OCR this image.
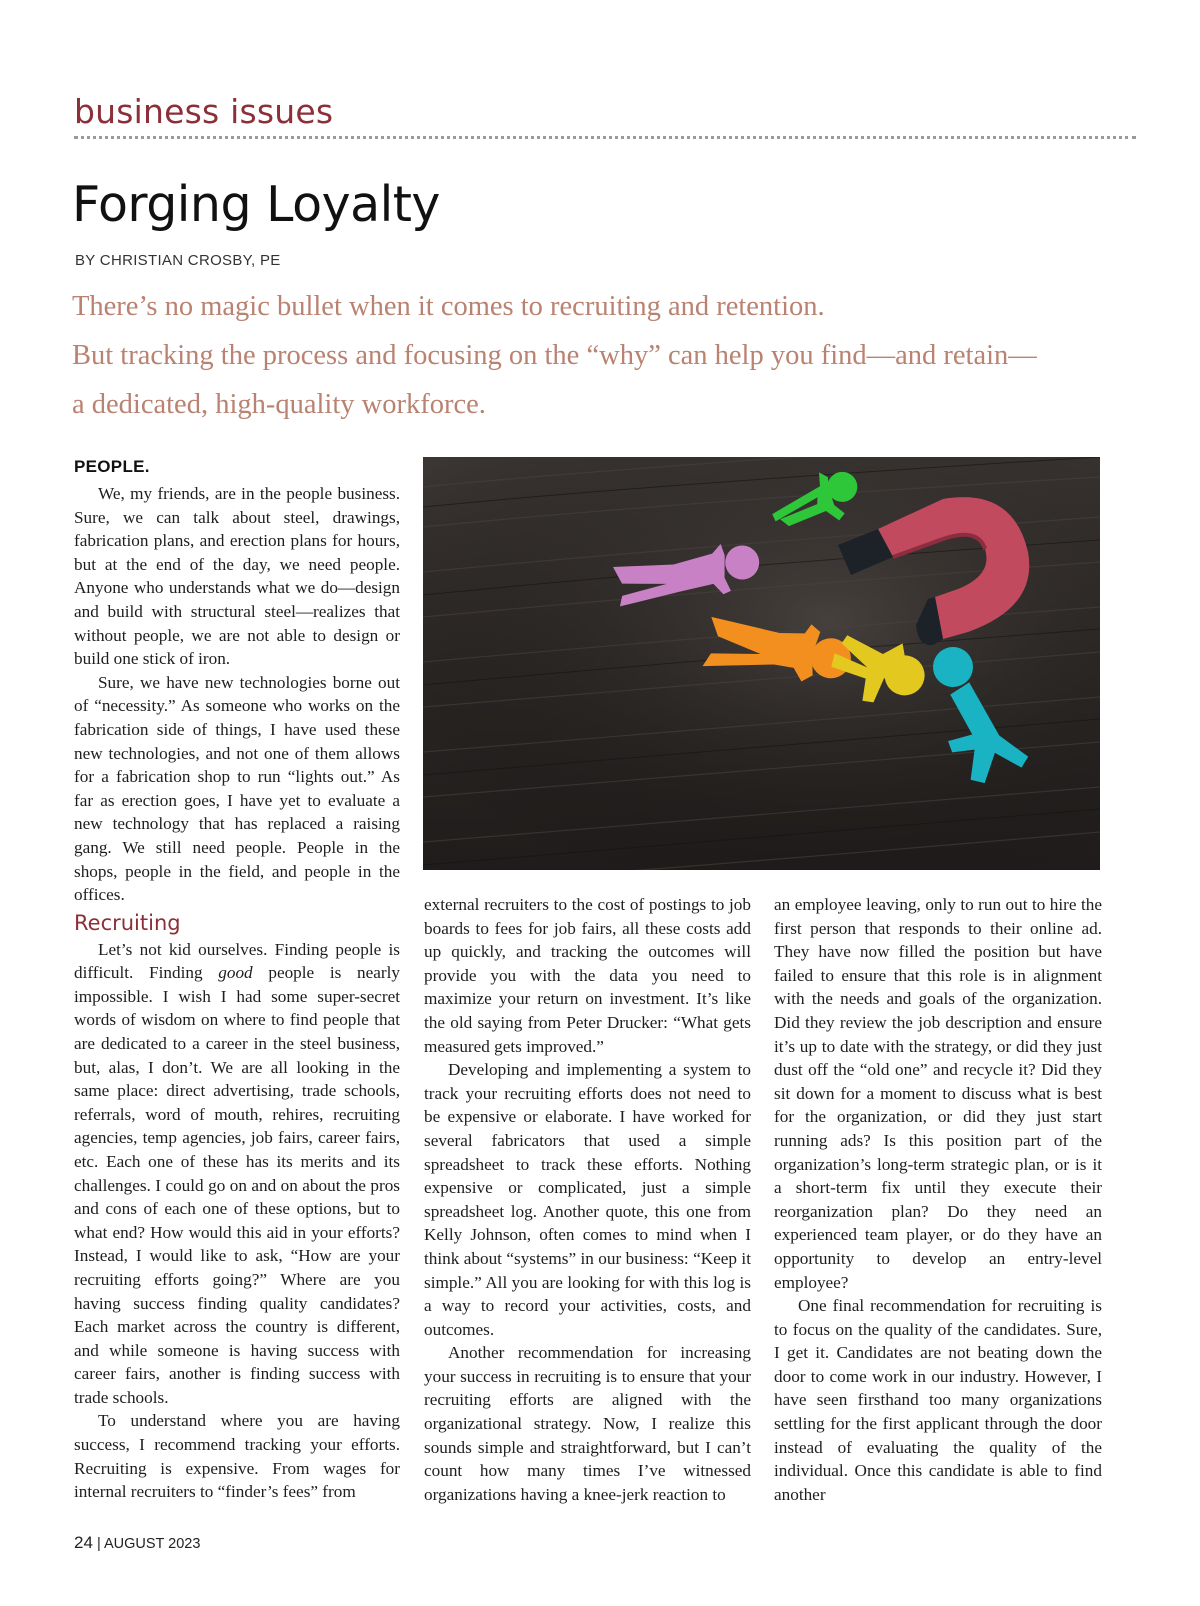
business issues
Forging Loyalty
BY CHRISTIAN CROSBY, PE
There’s no magic bullet when it comes to recruiting and retention.
But tracking the process and focusing on the “why” can help you find—and retain—
a dedicated, high-quality workforce.
PEOPLE.

We, my friends, are in the people business. Sure, we can talk about steel, drawings, fabrication plans, and erection plans for hours, but at the end of the day, we need people. Anyone who understands what we do—design and build with structural steel—realizes that without people, we are not able to design or build one stick of iron.

Sure, we have new technologies borne out of “necessity.” As someone who works on the fabrication side of things, I have used these new technologies, and not one of them allows for a fabrication shop to run “lights out.” As far as erection goes, I have yet to evaluate a new technology that has replaced a raising gang. We still need people. People in the shops, people in the field, and people in the offices.

Recruiting

Let’s not kid ourselves. Finding people is difficult. Finding good people is nearly impossible. I wish I had some super-secret words of wisdom on where to find people that are dedicated to a career in the steel business, but, alas, I don’t. We are all looking in the same place: direct advertising, trade schools, referrals, word of mouth, rehires, recruiting agencies, temp agencies, job fairs, career fairs, etc. Each one of these has its merits and its challenges. I could go on and on about the pros and cons of each one of these options, but to what end? How would this aid in your efforts? Instead, I would like to ask, “How are your recruiting efforts going?” Where are you having success finding quality candidates? Each market across the country is different, and while someone is having success with career fairs, another is finding success with trade schools.

To understand where you are having success, I recommend tracking your efforts. Recruiting is expensive. From wages for internal recruiters to “finder’s fees” from

external recruiters to the cost of postings to job boards to fees for job fairs, all these costs add up quickly, and tracking the outcomes will provide you with the data you need to maximize your return on investment. It’s like the old saying from Peter Drucker: “What gets measured gets improved.”

Developing and implementing a system to track your recruiting efforts does not need to be expensive or elaborate. I have worked for several fabricators that used a simple spreadsheet to track these efforts. Nothing expensive or complicated, just a simple spreadsheet log. Another quote, this one from Kelly Johnson, often comes to mind when I think about “systems” in our business: “Keep it simple.” All you are looking for with this log is a way to record your activities, costs, and outcomes.

Another recommendation for increasing your success in recruiting is to ensure that your recruiting efforts are aligned with the organizational strategy. Now, I realize this sounds simple and straightforward, but I can’t count how many times I’ve witnessed organizations having a knee-jerk reaction to

an employee leaving, only to run out to hire the first person that responds to their online ad. They have now filled the position but have failed to ensure that this role is in alignment with the needs and goals of the organization. Did they review the job description and ensure it’s up to date with the strategy, or did they just dust off the “old one” and recycle it? Did they sit down for a moment to discuss what is best for the organization, or did they just start running ads? Is this position part of the organization’s long-term strategic plan, or is it a short-term fix until they execute their reorganization plan? Do they need an experienced team player, or do they have an opportunity to develop an entry-level employee?

One final recommendation for recruiting is to focus on the quality of the candidates. Sure, I get it. Candidates are not beating down the door to come work in our industry. However, I have seen firsthand too many organizations settling for the first applicant through the door instead of evaluating the quality of the individual. Once this candidate is able to find another

24 | AUGUST 2023
